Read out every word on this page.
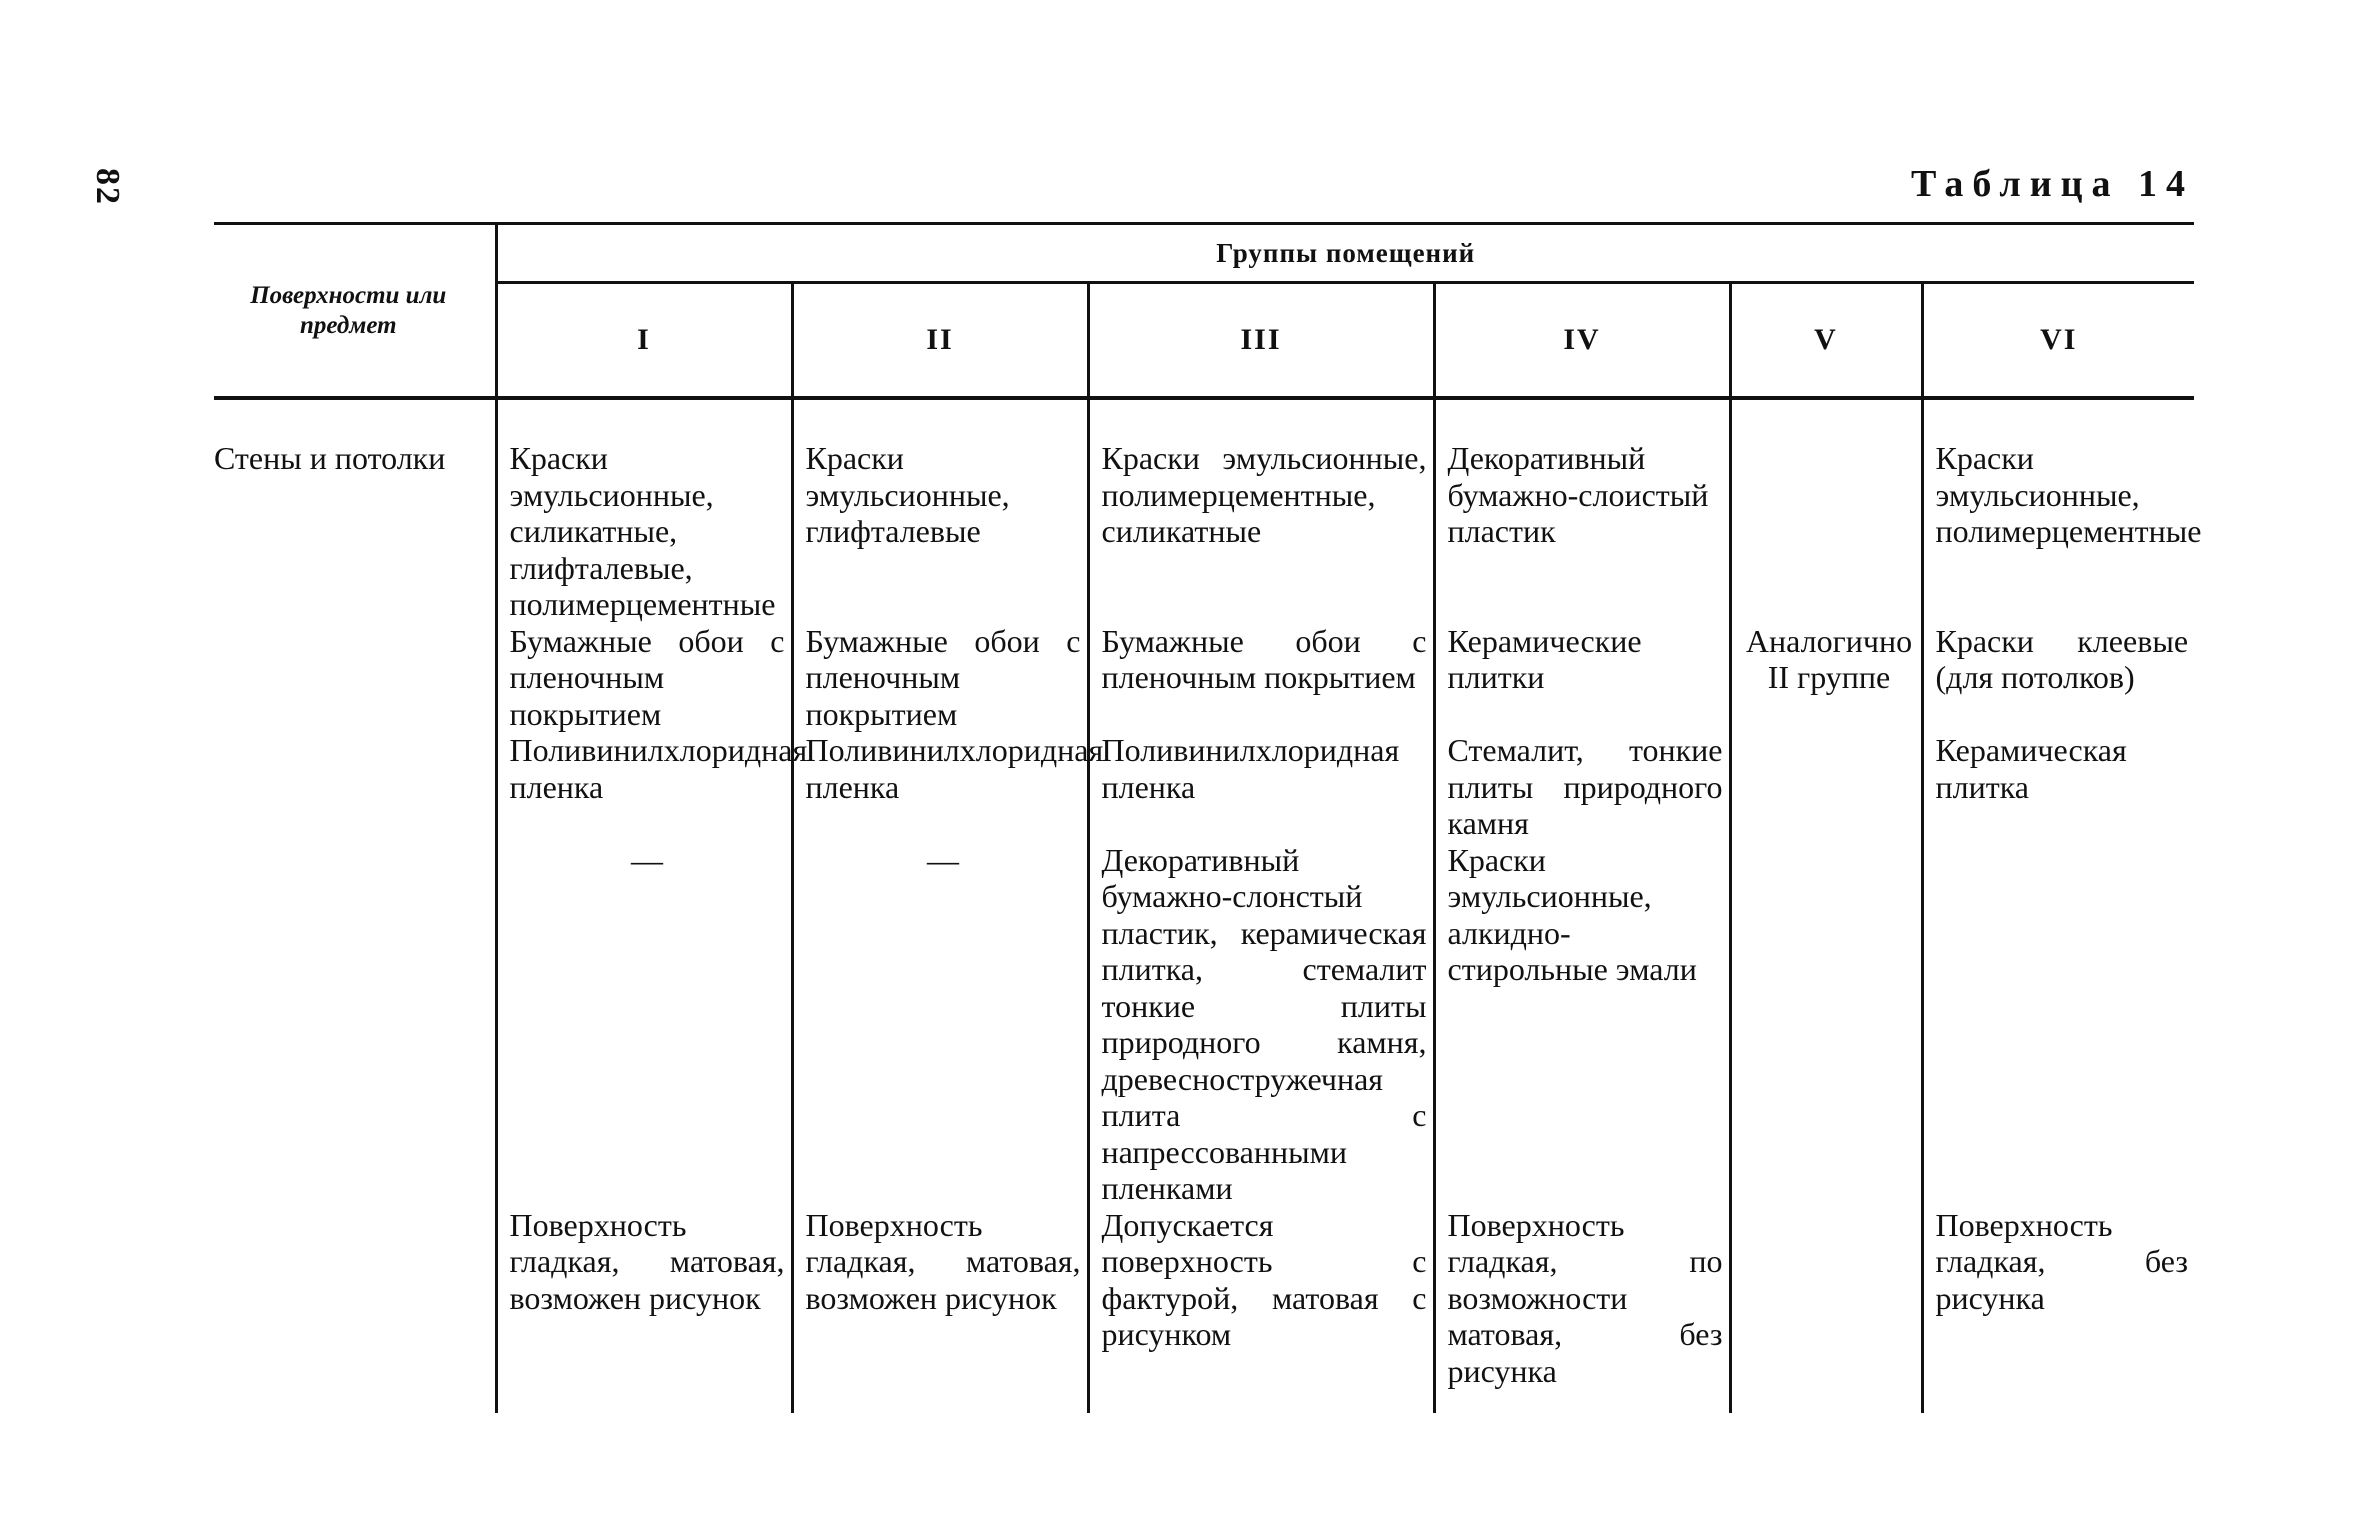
82	Таблица 14
Поверхности или предмет	Группы помещений					
	I	II	III	IV	V	VI
Стены и потолки	Краски эмульсионные, силикатные, глифталевые, полимерцементные	Краски эмульсионные, глифталевые	Краски эмульсионные, полимерцементные, силикатные	Декоративный бумажно-слоистый пластик		Краски эмульсионные, полимерцементные
	Бумажные обои с пленочным покрытием	Бумажные обои с пленочным покрытием	Бумажные обои с пленочным покрытием	Керамические плитки	Аналогично II группе	Краски клеевые (для потолков)
	Поливинилхлоридная пленка	Поливинилхлоридная пленка	Поливинилхлоридная пленка	Стемалит, тонкие плиты природного камня		Керамическая плитка
	—	—	Декоративный бумажно-слонстый пластик, керамическая плитка, стемалит тонкие плиты природного камня, древесностружечная плита с напрессованными пленками	Краски эмульсионные, алкидно-стирольные эмали		
	Поверхность гладкая, матовая, возможен рисунок	Поверхность гладкая, матовая, возможен рисунок	Допускается поверхность с фактурой, матовая с рисунком	Поверхность гладкая, по возможности матовая, без рисунка		Поверхность гладкая, без рисунка
